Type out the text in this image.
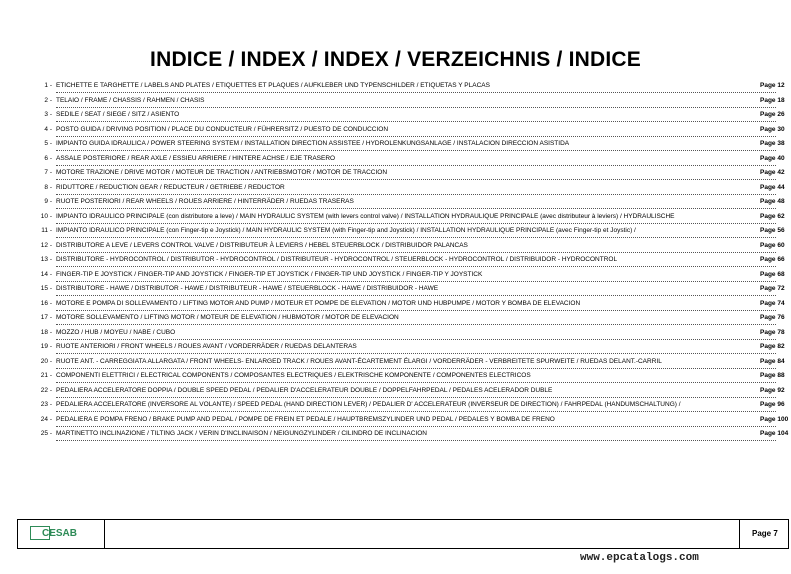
INDICE / INDEX / INDEX / VERZEICHNIS / INDICE
1 - ETICHETTE E TARGHETTE / LABELS AND PLATES / ETIQUETTES ET PLAQUES / AUFKLEBER UND TYPENSCHILDER / ETIQUETAS Y PLACAS	Page 12
2 - TELAIO / FRAME / CHASSIS / RAHMEN / CHASIS	Page 18
3 - SEDILE / SEAT / SIEGE / SITZ / ASIENTO	Page 26
4 - POSTO GUIDA / DRIVING POSITION / PLACE DU CONDUCTEUR / FÜHRERSITZ / PUESTO DE CONDUCCION	Page 30
5 - IMPIANTO GUIDA IDRAULICA / POWER STEERING SYSTEM / INSTALLATION DIRECTION ASSISTEE / HYDROLENKUNGSANLAGE / INSTALACION DIRECCION ASISTIDA	Page 38
6 - ASSALE POSTERIORE / REAR AXLE / ESSIEU ARRIERE / HINTERE ACHSE / EJE TRASERO	Page 40
7 - MOTORE TRAZIONE / DRIVE MOTOR / MOTEUR DE TRACTION / ANTRIEBSMOTOR / MOTOR DE TRACCION	Page 42
8 - RIDUTTORE / REDUCTION GEAR / REDUCTEUR / GETRIEBE / REDUCTOR	Page 44
9 - RUOTE POSTERIORI / REAR WHEELS / ROUES ARRIERE / HINTERRÄDER / RUEDAS TRASERAS	Page 48
10 - IMPIANTO IDRAULICO PRINCIPALE (con distributore a leve) / MAIN HYDRAULIC SYSTEM (with levers control valve) / INSTALLATION HYDRAULIQUE PRINCIPALE (avec distributeur à leviers) / HYDRAULISCHE	Page 62
11 - IMPIANTO IDRAULICO PRINCIPALE (con Finger-tip e Joystick) / MAIN HYDRAULIC SYSTEM (with Finger-tip and Joystick) / INSTALLATION HYDRAULIQUE PRINCIPALE (avec Finger-tip et Joystic) /	Page 56
12 - DISTRIBUTORE A LEVE / LEVERS CONTROL VALVE / DISTRIBUTEUR À LEVIERS / HEBEL STEUERBLOCK / DISTRIBUIDOR PALANCAS	Page 60
13 - DISTRIBUTORE - HYDROCONTROL / DISTRIBUTOR - HYDROCONTROL / DISTRIBUTEUR - HYDROCONTROL / STEUERBLOCK - HYDROCONTROL / DISTRIBUIDOR - HYDROCONTROL	Page 66
14 - FINGER-TIP E JOYSTICK / FINGER-TIP AND JOYSTICK / FINGER-TIP ET JOYSTICK / FINGER-TIP UND JOYSTICK / FINGER-TIP Y JOYSTICK	Page 68
15 - DISTRIBUTORE - HAWE / DISTRIBUTOR - HAWE / DISTRIBUTEUR - HAWE / STEUERBLOCK - HAWE / DISTRIBUIDOR - HAWE	Page 72
16 - MOTORE E POMPA DI SOLLEVAMENTO / LIFTING MOTOR AND PUMP / MOTEUR ET POMPE DE ELEVATION / MOTOR UND HUBPUMPE / MOTOR Y BOMBA DE ELEVACION	Page 74
17 - MOTORE SOLLEVAMENTO / LIFTING MOTOR / MOTEUR DE ELEVATION / HUBMOTOR / MOTOR DE ELEVACION	Page 76
18 - MOZZO / HUB / MOYEU / NABE / CUBO	Page 78
19 - RUOTE ANTERIORI / FRONT WHEELS / ROUES AVANT / VORDERRÄDER / RUEDAS DELANTERAS	Page 82
20 - RUOTE ANT. - CARREGGIATA ALLARGATA / FRONT WHEELS- ENLARGED TRACK / ROUES AVANT-ÉCARTEMENT ÉLARGI / VORDERRÄDER - VERBREITETE SPURWEITE / RUEDAS DELANT.-CARRIL	Page 84
21 - COMPONENTI ELETTRICI / ELECTRICAL COMPONENTS / COMPOSANTES ELECTRIQUES / ELEKTRISCHE KOMPONENTE / COMPONENTES ELECTRICOS	Page 88
22 - PEDALIERA ACCELERATORE DOPPIA / DOUBLE SPEED PEDAL / PEDALIER D'ACCELERATEUR DOUBLE / DOPPELFAHRPEDAL / PEDALES ACELERADOR DUBLE	Page 92
23 - PEDALIERA ACCELERATORE (INVERSORE AL VOLANTE) / SPEED PEDAL (HAND DIRECTION LEVER) / PEDALIER D' ACCELERATEUR (INVERSEUR DE DIRECTION) / FAHRPEDAL (HANDUMSCHALTUNG) /	Page 96
24 - PEDALIERA E POMPA FRENO / BRAKE PUMP AND PEDAL / POMPE DE FREIN ET PEDALE / HAUPTBREMSZYLINDER UND PEDAL / PEDALES Y BOMBA DE FRENO	Page 100
25 - MARTINETTO INCLINAZIONE / TILTING JACK / VERIN D'INCLINAISON / NEIGUNGZYLINDER / CILINDRO DE INCLINACION	Page 104
CESAB	Page 7
www.epcatalogs.com
